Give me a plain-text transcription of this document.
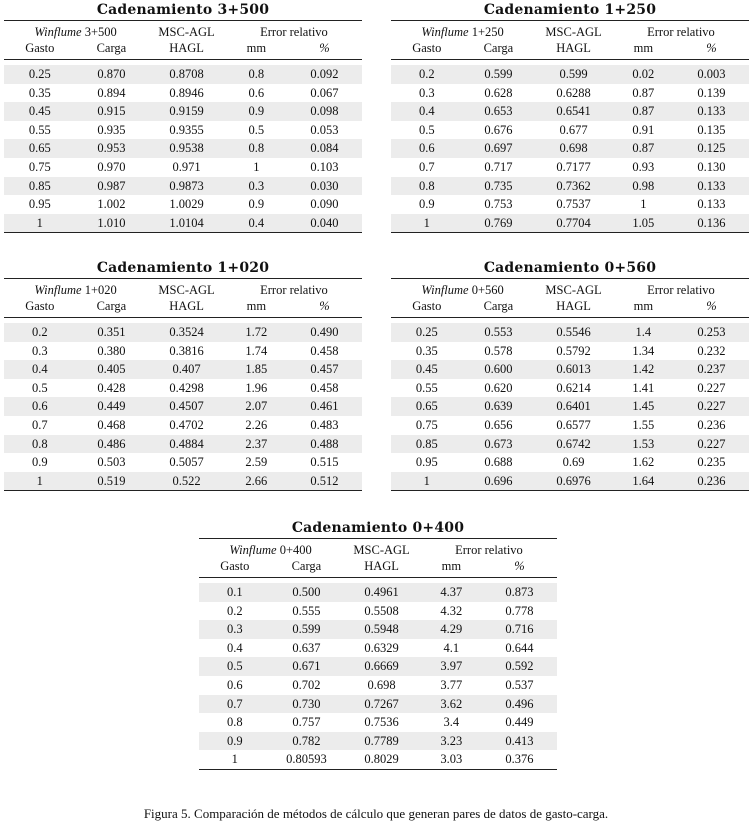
Cadenamiento 3+500
Winflume 3+500		MSC-AGL	Error relativo	
Gasto	Carga	HAGL	mm	%

0.25	0.870	0.8708	0.8	0.092
0.35	0.894	0.8946	0.6	0.067
0.45	0.915	0.9159	0.9	0.098
0.55	0.935	0.9355	0.5	0.053
0.65	0.953	0.9538	0.8	0.084
0.75	0.970	0.971	1	0.103
0.85	0.987	0.9873	0.3	0.030
0.95	1.002	1.0029	0.9	0.090
1	1.010	1.0104	0.4	0.040
Cadenamiento 1+250
Winflume 1+250		MSC-AGL	Error relativo	
Gasto	Carga	HAGL	mm	%

0.2	0.599	0.599	0.02	0.003
0.3	0.628	0.6288	0.87	0.139
0.4	0.653	0.6541	0.87	0.133
0.5	0.676	0.677	0.91	0.135
0.6	0.697	0.698	0.87	0.125
0.7	0.717	0.7177	0.93	0.130
0.8	0.735	0.7362	0.98	0.133
0.9	0.753	0.7537	1	0.133
1	0.769	0.7704	1.05	0.136
Cadenamiento 1+020
Winflume 1+020		MSC-AGL	Error relativo	
Gasto	Carga	HAGL	mm	%

0.2	0.351	0.3524	1.72	0.490
0.3	0.380	0.3816	1.74	0.458
0.4	0.405	0.407	1.85	0.457
0.5	0.428	0.4298	1.96	0.458
0.6	0.449	0.4507	2.07	0.461
0.7	0.468	0.4702	2.26	0.483
0.8	0.486	0.4884	2.37	0.488
0.9	0.503	0.5057	2.59	0.515
1	0.519	0.522	2.66	0.512
Cadenamiento 0+560
Winflume 0+560		MSC-AGL	Error relativo	
Gasto	Carga	HAGL	mm	%

0.25	0.553	0.5546	1.4	0.253
0.35	0.578	0.5792	1.34	0.232
0.45	0.600	0.6013	1.42	0.237
0.55	0.620	0.6214	1.41	0.227
0.65	0.639	0.6401	1.45	0.227
0.75	0.656	0.6577	1.55	0.236
0.85	0.673	0.6742	1.53	0.227
0.95	0.688	0.69	1.62	0.235
1	0.696	0.6976	1.64	0.236
Cadenamiento 0+400
Winflume 0+400		MSC-AGL	Error relativo	
Gasto	Carga	HAGL	mm	%

0.1	0.500	0.4961	4.37	0.873
0.2	0.555	0.5508	4.32	0.778
0.3	0.599	0.5948	4.29	0.716
0.4	0.637	0.6329	4.1	0.644
0.5	0.671	0.6669	3.97	0.592
0.6	0.702	0.698	3.77	0.537
0.7	0.730	0.7267	3.62	0.496
0.8	0.757	0.7536	3.4	0.449
0.9	0.782	0.7789	3.23	0.413
1	0.80593	0.8029	3.03	0.376
Figura 5. Comparación de métodos de cálculo que generan pares de datos de gasto-carga.
